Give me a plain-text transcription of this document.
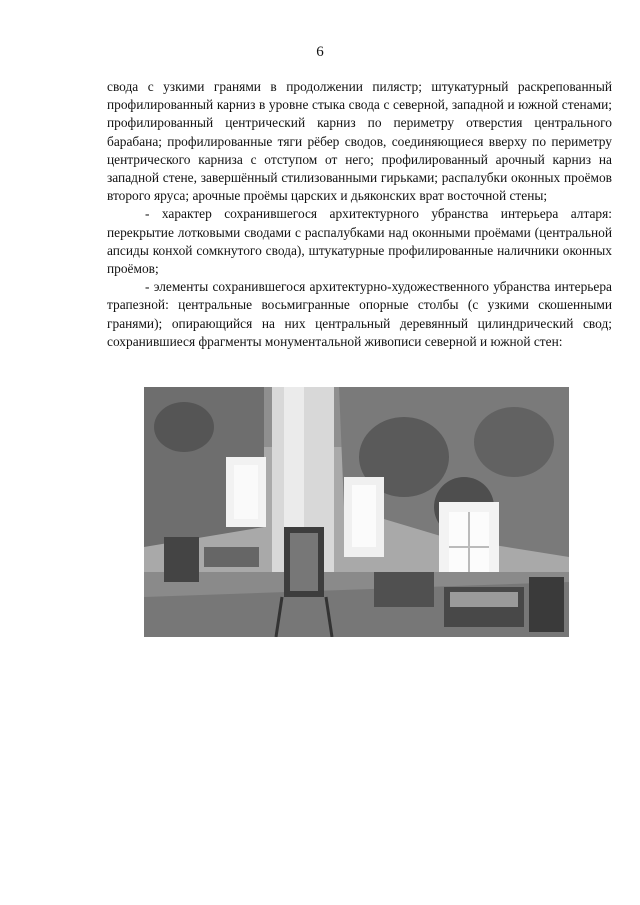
6

свода с узкими гранями в продолжении пилястр; штукатурный раскрепованный профилированный карниз в уровне стыка свода с северной, западной и южной стенами; профилированный центрический карниз по периметру отверстия центрального барабана; профилированные тяги рёбер сводов, соединяющиеся вверху по периметру центрического карниза с отступом от него; профилированный арочный карниз на западной стене, завершённый стилизованными гирьками; распалубки оконных проёмов второго яруса; арочные проёмы царских и дьяконских врат восточной стены;

- характер сохранившегося архитектурного убранства интерьера алтаря: перекрытие лотковыми сводами с распалубками над оконными проёмами (центральной апсиды конхой сомкнутого свода), штукатурные профилированные наличники оконных проёмов;

- элементы сохранившегося архитектурно-художественного убранства интерьера трапезной: центральные восьмигранные опорные столбы (с узкими скошенными гранями); опирающийся на них центральный деревянный цилиндрический свод; сохранившиеся фрагменты монументальной живописи северной и южной стен:
